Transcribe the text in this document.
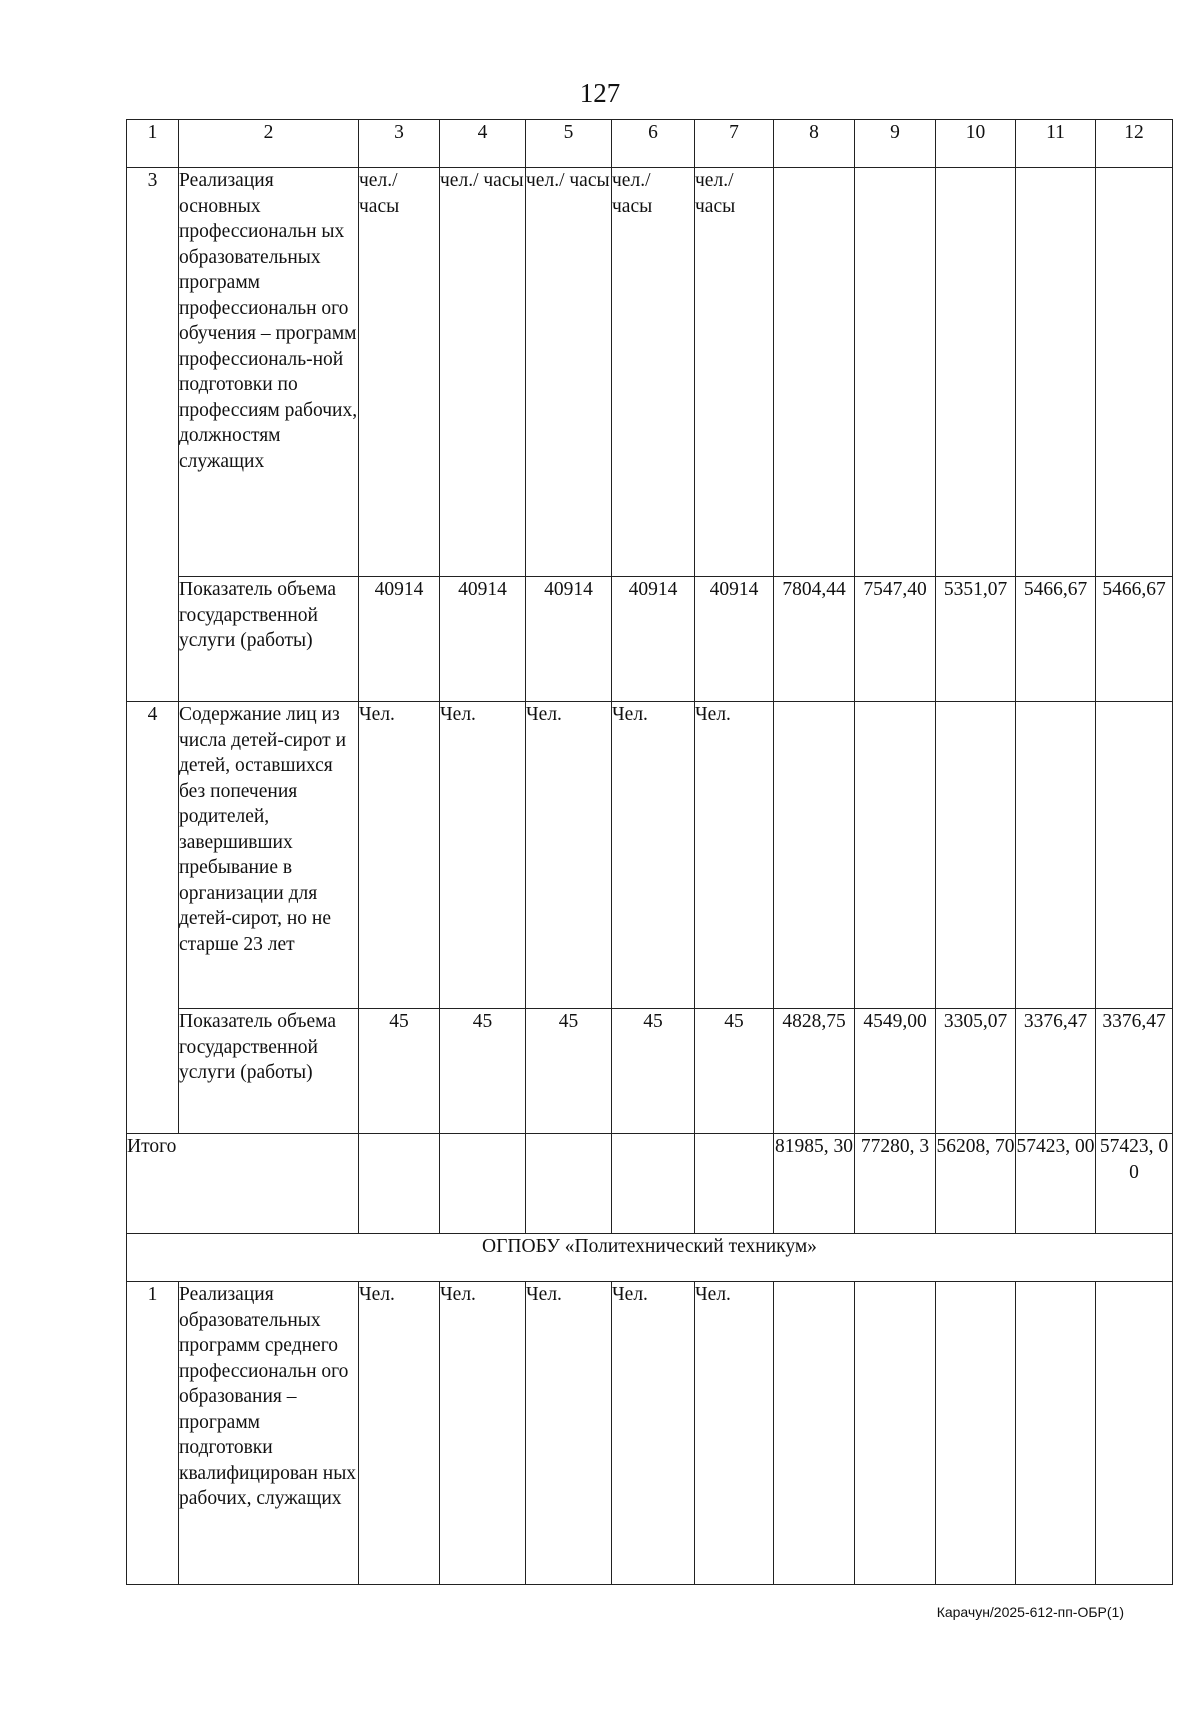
127
1	2	3	4	5	6	7	8	9	10	11	12
3	Реализация основных профессиональн ых образовательных программ профессиональн ого обучения – программ профессиональ-ной подготовки по профессиям рабочих, должностям служащих	чел./ часы	чел./ часы	чел./ часы	чел./ часы	чел./ часы					
	Показатель объема государственной услуги (работы)	40914	40914	40914	40914	40914	7804,44	7547,40	5351,07	5466,67	5466,67
4	Содержание лиц из числа детей-сирот и детей, оставшихся без попечения родителей, завершивших пребывание в организации для детей-сирот, но не старше 23 лет	Чел.	Чел.	Чел.	Чел.	Чел.					
	Показатель объема государственной услуги (работы)	45	45	45	45	45	4828,75	4549,00	3305,07	3376,47	3376,47
Итого							81985, 30	77280, 3	56208, 70	57423, 00	57423, 00
ОГПОБУ «Политехнический техникум»											
1	Реализация образовательных программ среднего профессиональн ого образования – программ подготовки квалифицирован ных рабочих, служащих	Чел.	Чел.	Чел.	Чел.	Чел.					
Карачун/2025-612-пп-ОБР(1)
